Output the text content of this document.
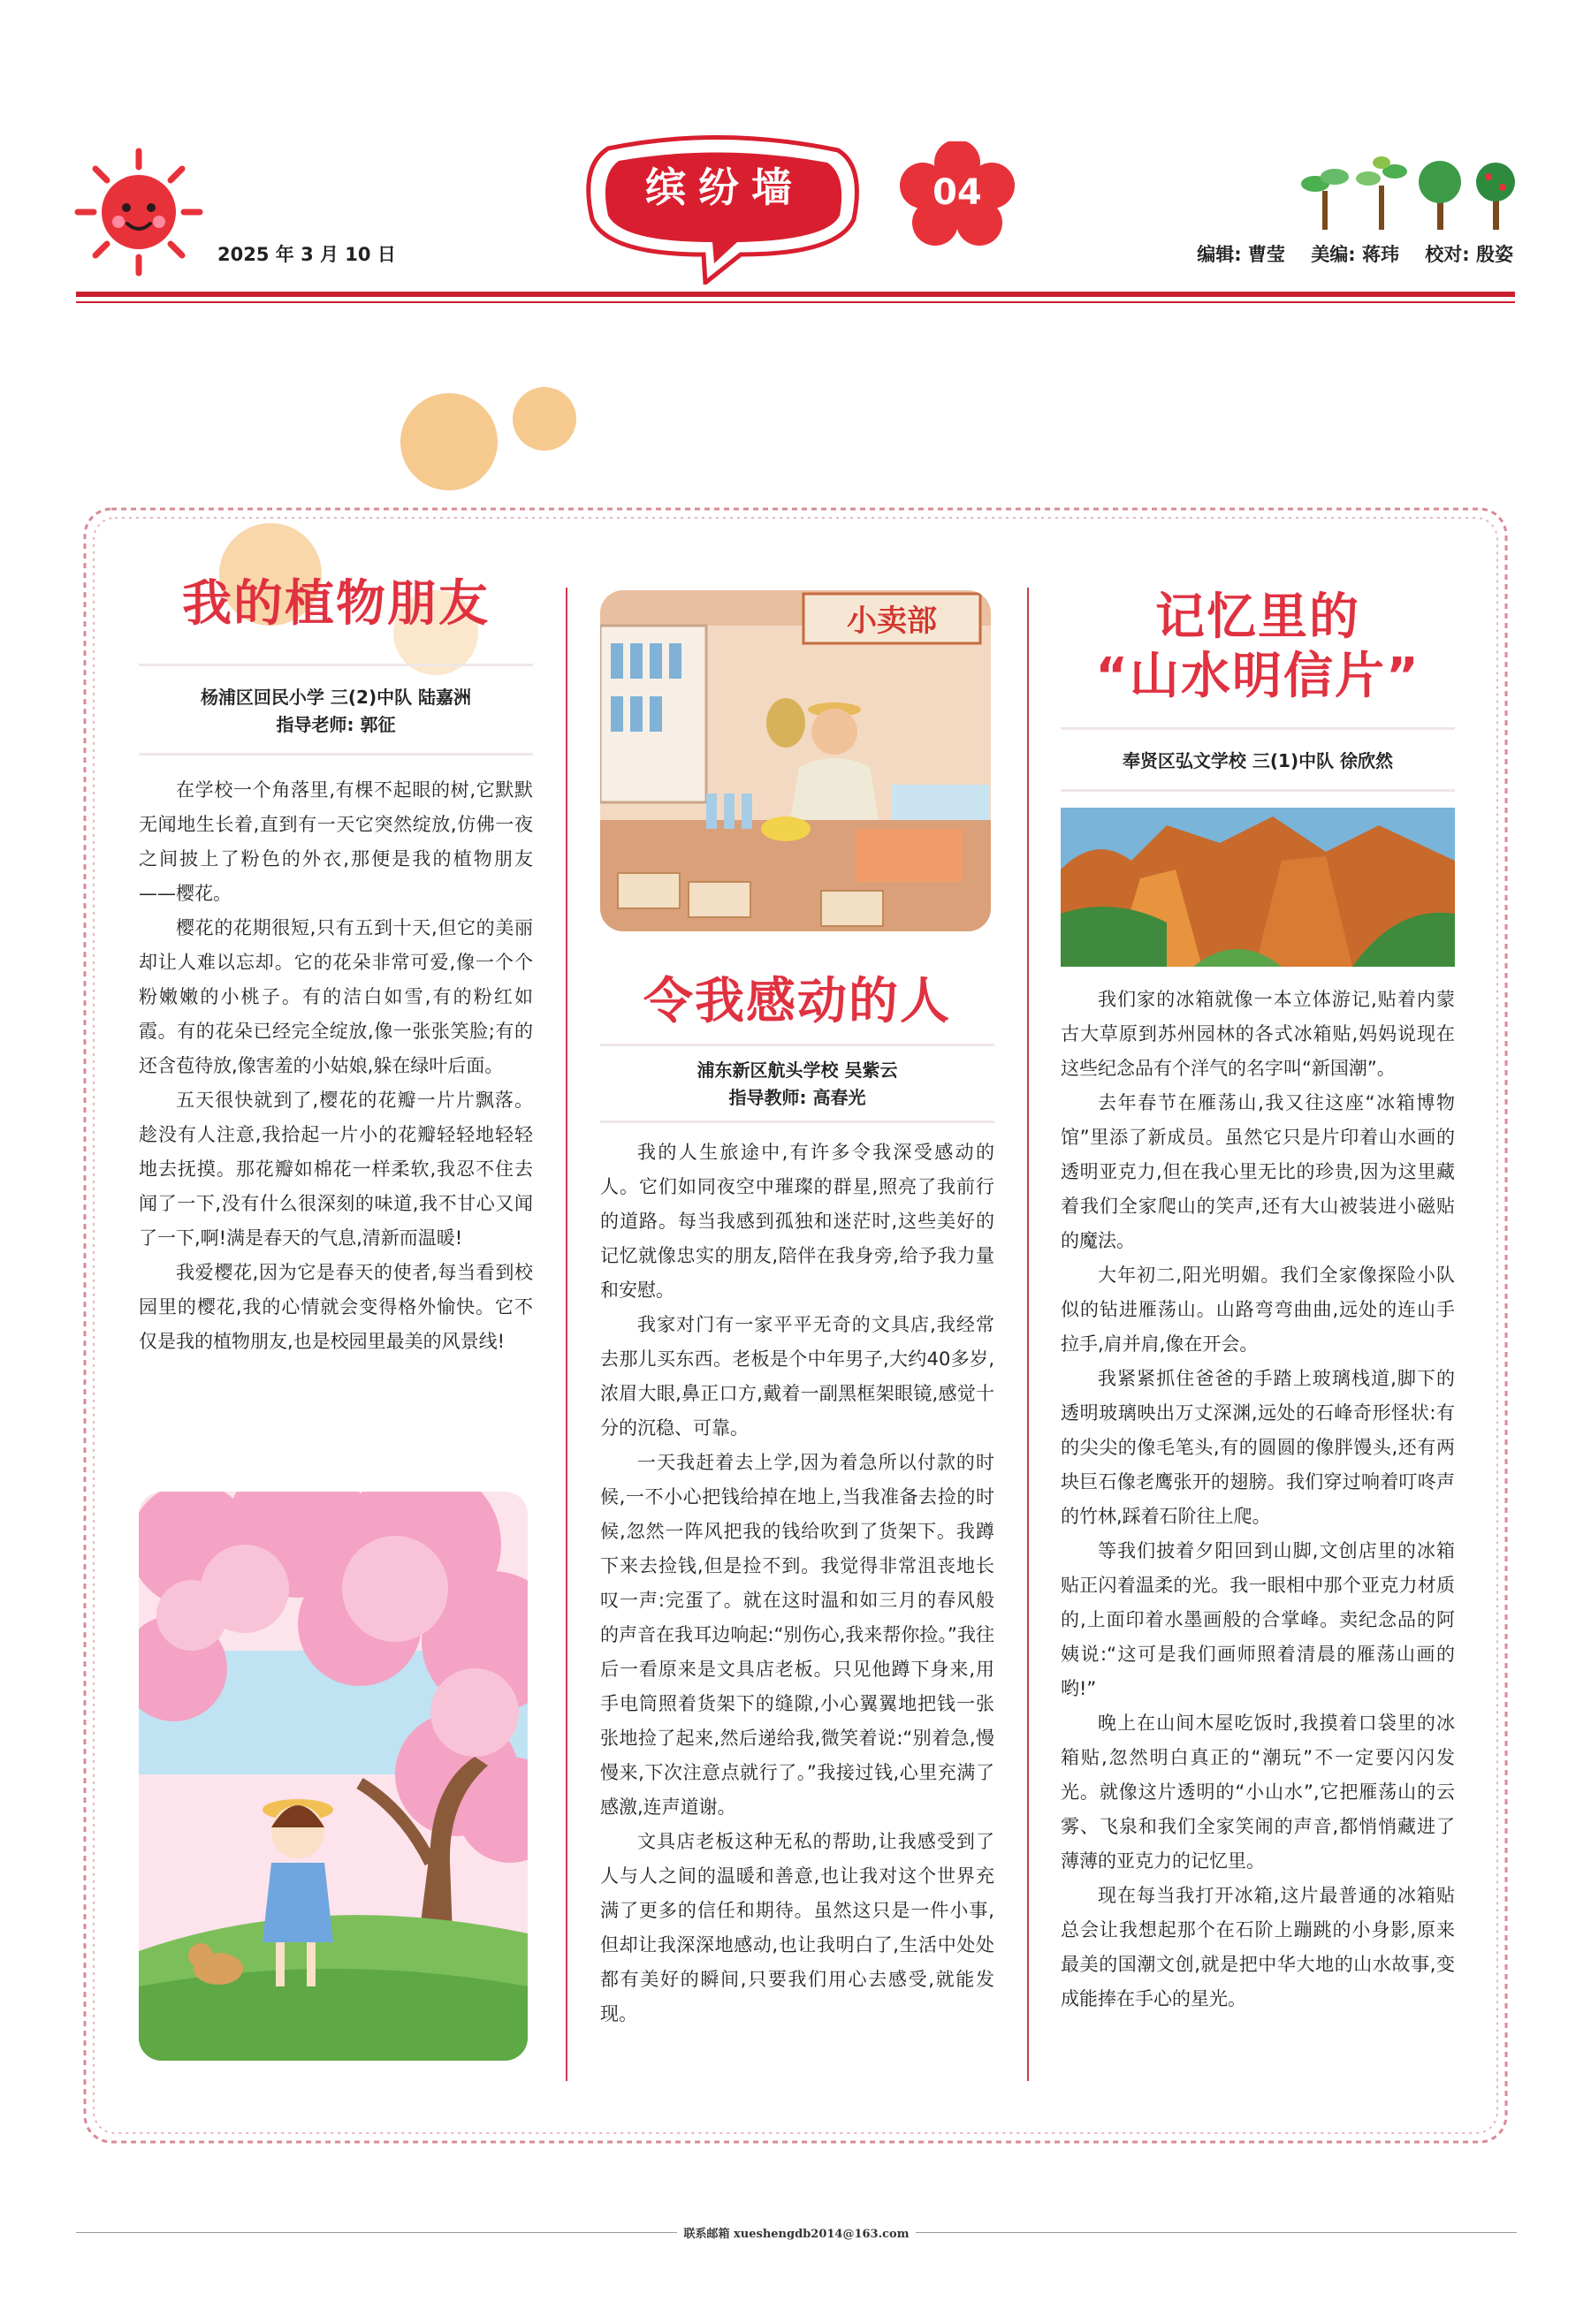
2025 年 3 月 10 日
缤纷墙	04
编辑: 曹莹 美编: 蒋玮 校对: 殷姿
我的植物朋友
杨浦区回民小学 三(2)中队 陆嘉洲
指导老师: 郭征

在学校一个角落里,有棵不起眼的树,它默默无闻地生长着,直到有一天它突然绽放,仿佛一夜之间披上了粉色的外衣,那便是我的植物朋友——樱花。

樱花的花期很短,只有五到十天,但它的美丽却让人难以忘却。它的花朵非常可爱,像一个个粉嫩嫩的小桃子。有的洁白如雪,有的粉红如霞。有的花朵已经完全绽放,像一张张笑脸;有的还含苞待放,像害羞的小姑娘,躲在绿叶后面。

五天很快就到了,樱花的花瓣一片片飘落。趁没有人注意,我拾起一片小的花瓣轻轻地轻轻地去抚摸。那花瓣如棉花一样柔软,我忍不住去闻了一下,没有什么很深刻的味道,我不甘心又闻了一下,啊!满是春天的气息,清新而温暖!

我爱樱花,因为它是春天的使者,每当看到校园里的樱花,我的心情就会变得格外愉快。它不仅是我的植物朋友,也是校园里最美的风景线!

小卖部
令我感动的人
浦东新区航头学校 吴紫云
指导教师: 高春光

我的人生旅途中,有许多令我深受感动的人。它们如同夜空中璀璨的群星,照亮了我前行的道路。每当我感到孤独和迷茫时,这些美好的记忆就像忠实的朋友,陪伴在我身旁,给予我力量和安慰。

我家对门有一家平平无奇的文具店,我经常去那儿买东西。老板是个中年男子,大约40多岁,浓眉大眼,鼻正口方,戴着一副黑框架眼镜,感觉十分的沉稳、可靠。

一天我赶着去上学,因为着急所以付款的时候,一不小心把钱给掉在地上,当我准备去捡的时候,忽然一阵风把我的钱给吹到了货架下。我蹲下来去捡钱,但是捡不到。我觉得非常沮丧地长叹一声:完蛋了。就在这时温和如三月的春风般的声音在我耳边响起:“别伤心,我来帮你捡。”我往后一看原来是文具店老板。只见他蹲下身来,用手电筒照着货架下的缝隙,小心翼翼地把钱一张张地捡了起来,然后递给我,微笑着说:“别着急,慢慢来,下次注意点就行了。”我接过钱,心里充满了感激,连声道谢。

文具店老板这种无私的帮助,让我感受到了人与人之间的温暖和善意,也让我对这个世界充满了更多的信任和期待。虽然这只是一件小事,但却让我深深地感动,也让我明白了,生活中处处都有美好的瞬间,只要我们用心去感受,就能发现。

记忆里的
“山水明信片”
奉贤区弘文学校 三(1)中队 徐欣然

我们家的冰箱就像一本立体游记,贴着内蒙古大草原到苏州园林的各式冰箱贴,妈妈说现在这些纪念品有个洋气的名字叫“新国潮”。

去年春节在雁荡山,我又往这座“冰箱博物馆”里添了新成员。虽然它只是片印着山水画的透明亚克力,但在我心里无比的珍贵,因为这里藏着我们全家爬山的笑声,还有大山被装进小磁贴的魔法。

大年初二,阳光明媚。我们全家像探险小队似的钻进雁荡山。山路弯弯曲曲,远处的连山手拉手,肩并肩,像在开会。

我紧紧抓住爸爸的手踏上玻璃栈道,脚下的透明玻璃映出万丈深渊,远处的石峰奇形怪状:有的尖尖的像毛笔头,有的圆圆的像胖馒头,还有两块巨石像老鹰张开的翅膀。我们穿过响着叮咚声的竹林,踩着石阶往上爬。

等我们披着夕阳回到山脚,文创店里的冰箱贴正闪着温柔的光。我一眼相中那个亚克力材质的,上面印着水墨画般的合掌峰。卖纪念品的阿姨说:“这可是我们画师照着清晨的雁荡山画的哟!”

晚上在山间木屋吃饭时,我摸着口袋里的冰箱贴,忽然明白真正的“潮玩”不一定要闪闪发光。就像这片透明的“小山水”,它把雁荡山的云雾、飞泉和我们全家笑闹的声音,都悄悄藏进了薄薄的亚克力的记忆里。

现在每当我打开冰箱,这片最普通的冰箱贴总会让我想起那个在石阶上蹦跳的小身影,原来最美的国潮文创,就是把中华大地的山水故事,变成能捧在手心的星光。

联系邮箱 xueshengdb2014@163.com
